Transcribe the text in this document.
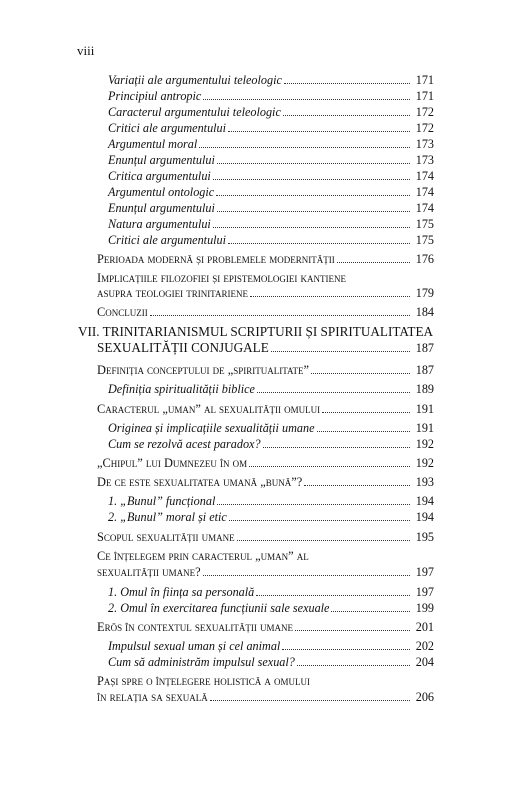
viii
Variații ale argumentului teleologic	171
Principiul antropic	171
Caracterul argumentului teleologic	172
Critici ale argumentului	172
Argumentul moral	173
Enunțul argumentului	173
Critica argumentului	174
Argumentul ontologic	174
Enunțul argumentului	174
Natura argumentului	175
Critici ale argumentului	175
Perioada modernă și problemele modernității	176
Implicațiile filozofiei și epistemologiei kantiene
asupra teologiei trinitariene	179
Concluzii	184
VII. TRINITARIANISMUL SCRIPTURII ȘI SPIRITUALITATEA
SEXUALITĂȚII CONJUGALE	187
Definiția conceptului de „spiritualitate”	187
Definiția spiritualității biblice	189
Caracterul „uman” al sexualității omului	191
Originea și implicațiile sexualității umane	191
Cum se rezolvă acest paradox?	192
„Chipul” lui Dumnezeu în om	192
De ce este sexualitatea umană „bună”?	193
1. „Bunul” funcțional	194
2. „Bunul” moral și etic	194
Scopul sexualității umane	195
Ce înțelegem prin caracterul „uman” al
sexualității umane?	197
1. Omul în ființa sa personală	197
2. Omul în exercitarea funcțiunii sale sexuale	199
Erōs în contextul sexualității umane	201
Impulsul sexual uman și cel animal	202
Cum să administrăm impulsul sexual?	204
Pași spre o înțelegere holistică a omului
în relația sa sexuală	206
